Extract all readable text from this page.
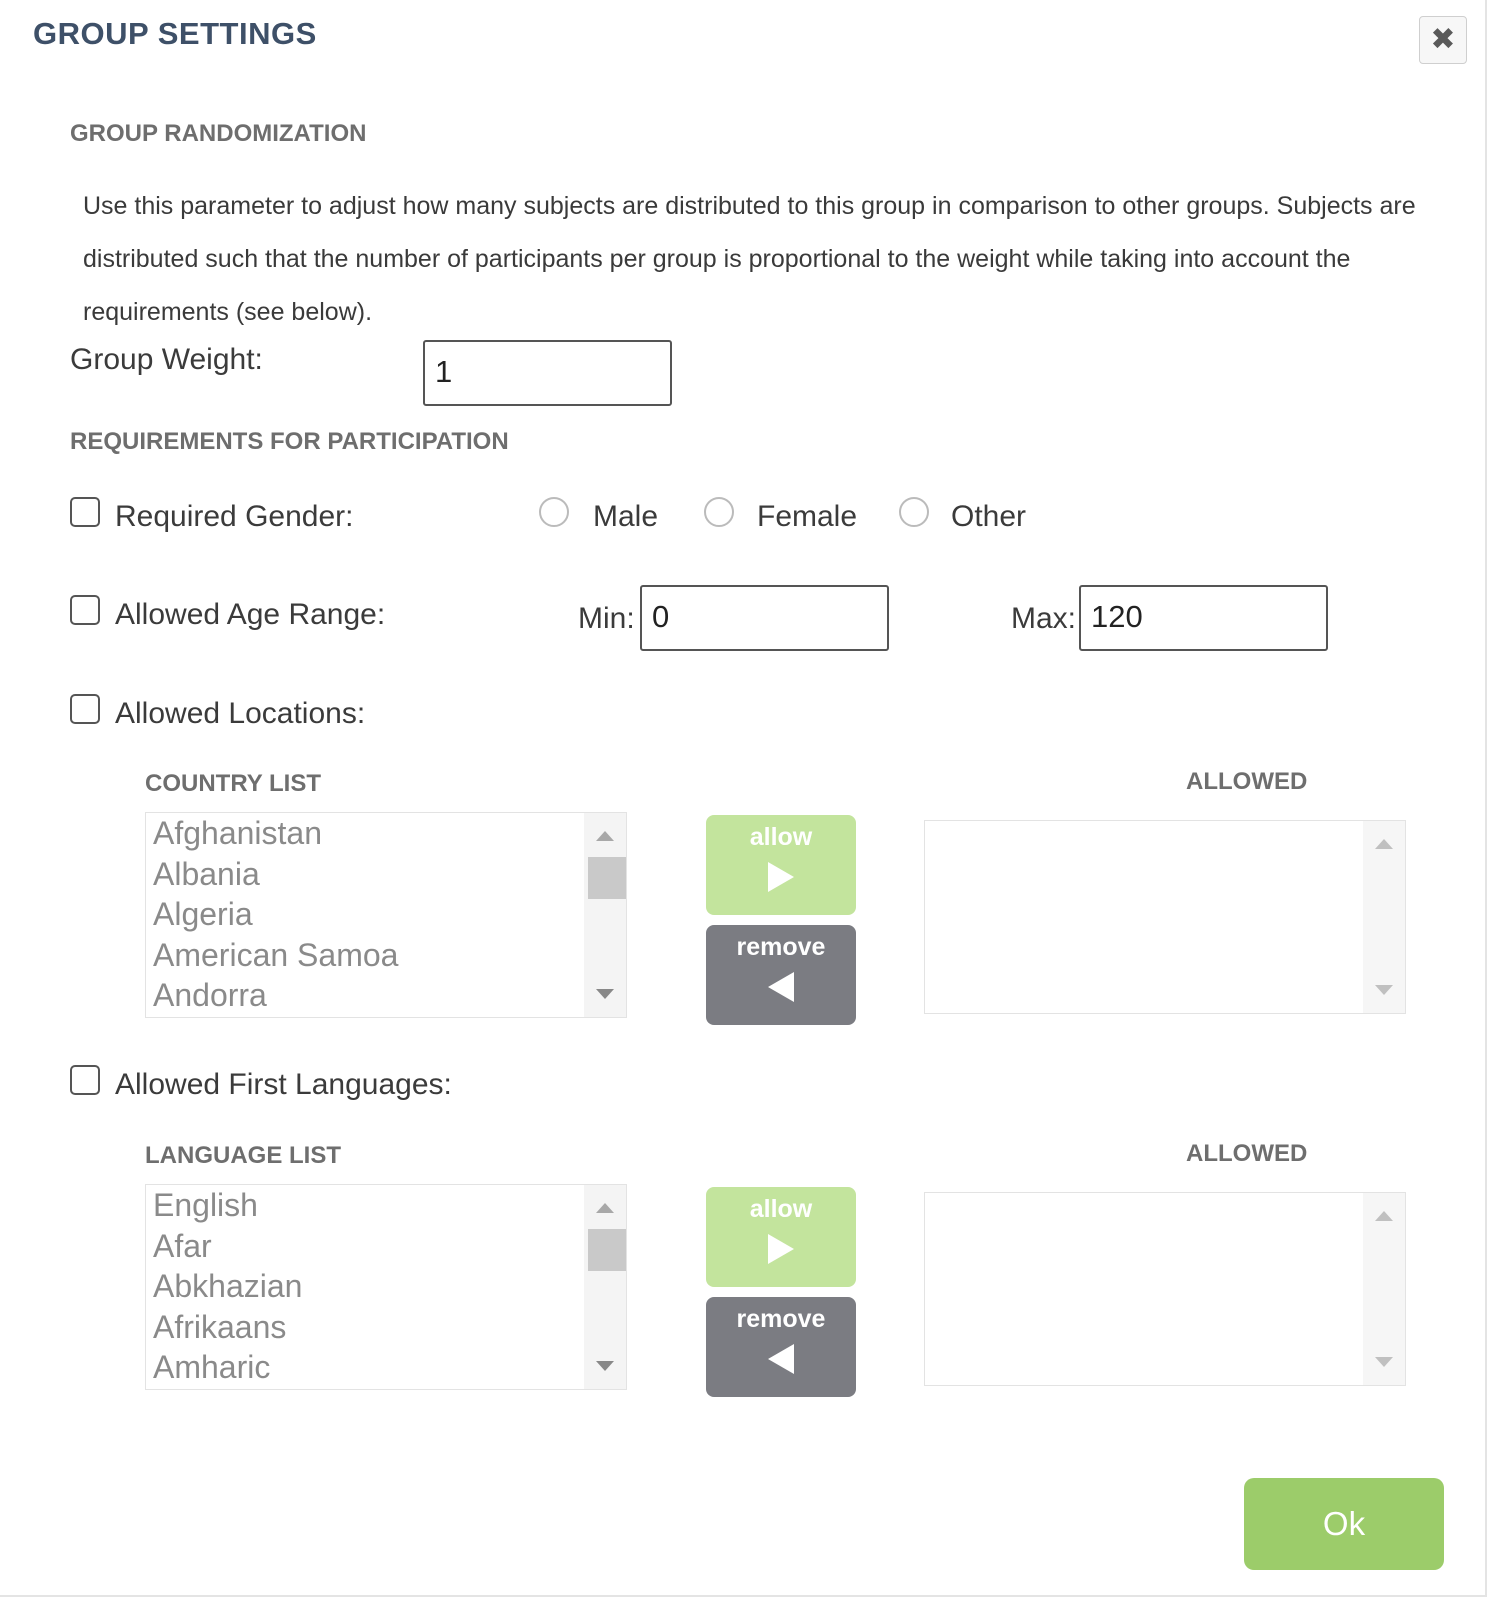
GROUP SETTINGS	✖
GROUP RANDOMIZATION
Use this parameter to adjust how many subjects are distributed to this group in comparison to other groups. Subjects are distributed such that the number of participants per group is proportional to the weight while taking into account the requirements (see below).
Group Weight:	1
REQUIREMENTS FOR PARTICIPATION
Required Gender:	Male	Female	Other
Allowed Age Range:	Min: 0	Max: 120
Allowed Locations:
COUNTRY LIST	ALLOWED
Afghanistan
Albania
Algeria
American Samoa
Andorra
allow
remove
Allowed First Languages:
LANGUAGE LIST	ALLOWED
English
Afar
Abkhazian
Afrikaans
Amharic
allow
remove
Ok
